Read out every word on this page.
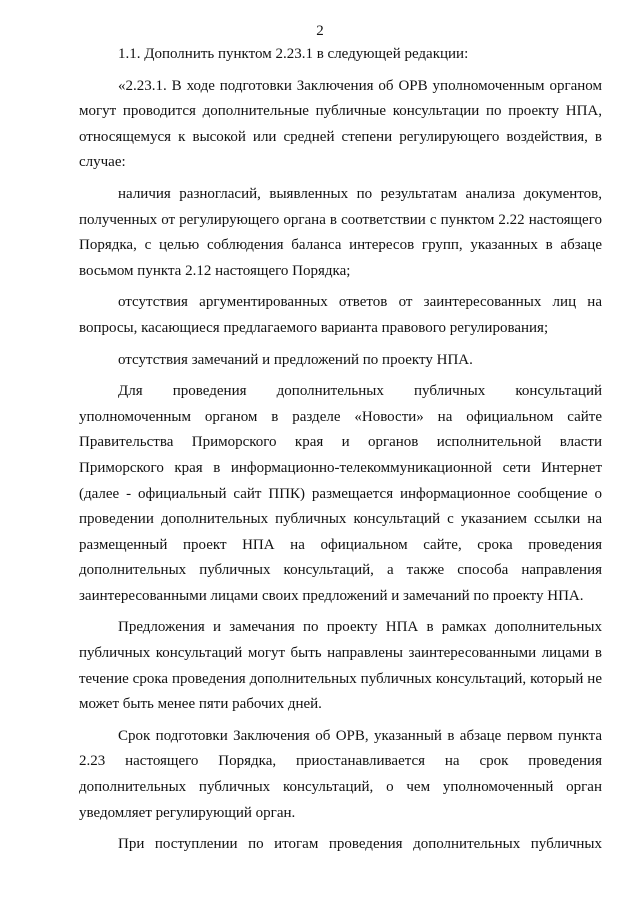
2

1.1. Дополнить пунктом 2.23.1 в следующей редакции:

«2.23.1. В ходе подготовки Заключения об ОРВ уполномоченным органом могут проводится дополнительные публичные консультации по проекту НПА, относящемуся к высокой или средней степени регулирующего воздействия, в случае:

наличия разногласий, выявленных по результатам анализа документов, полученных от регулирующего органа в соответствии с пунктом 2.22 настоящего Порядка, с целью соблюдения баланса интересов групп, указанных в абзаце восьмом пункта 2.12 настоящего Порядка;

отсутствия аргументированных ответов от заинтересованных лиц на вопросы, касающиеся предлагаемого варианта правового регулирования;

отсутствия замечаний и предложений по проекту НПА.

Для проведения дополнительных публичных консультаций уполномоченным органом в разделе «Новости» на официальном сайте Правительства Приморского края и органов исполнительной власти Приморского края в информационно-телекоммуникационной сети Интернет (далее - официальный сайт ППК) размещается информационное сообщение о проведении дополнительных публичных консультаций с указанием ссылки на размещенный проект НПА на официальном сайте, срока проведения дополнительных публичных консультаций, а также способа направления заинтересованными лицами своих предложений и замечаний по проекту НПА.

Предложения и замечания по проекту НПА в рамках дополнительных публичных консультаций могут быть направлены заинтересованными лицами в течение срока проведения дополнительных публичных консультаций, который не может быть менее пяти рабочих дней.

Срок подготовки Заключения об ОРВ, указанный в абзаце первом пункта 2.23 настоящего Порядка, приостанавливается на срок проведения дополнительных публичных консультаций, о чем уполномоченный орган уведомляет регулирующий орган.

При поступлении по итогам проведения дополнительных публичных
